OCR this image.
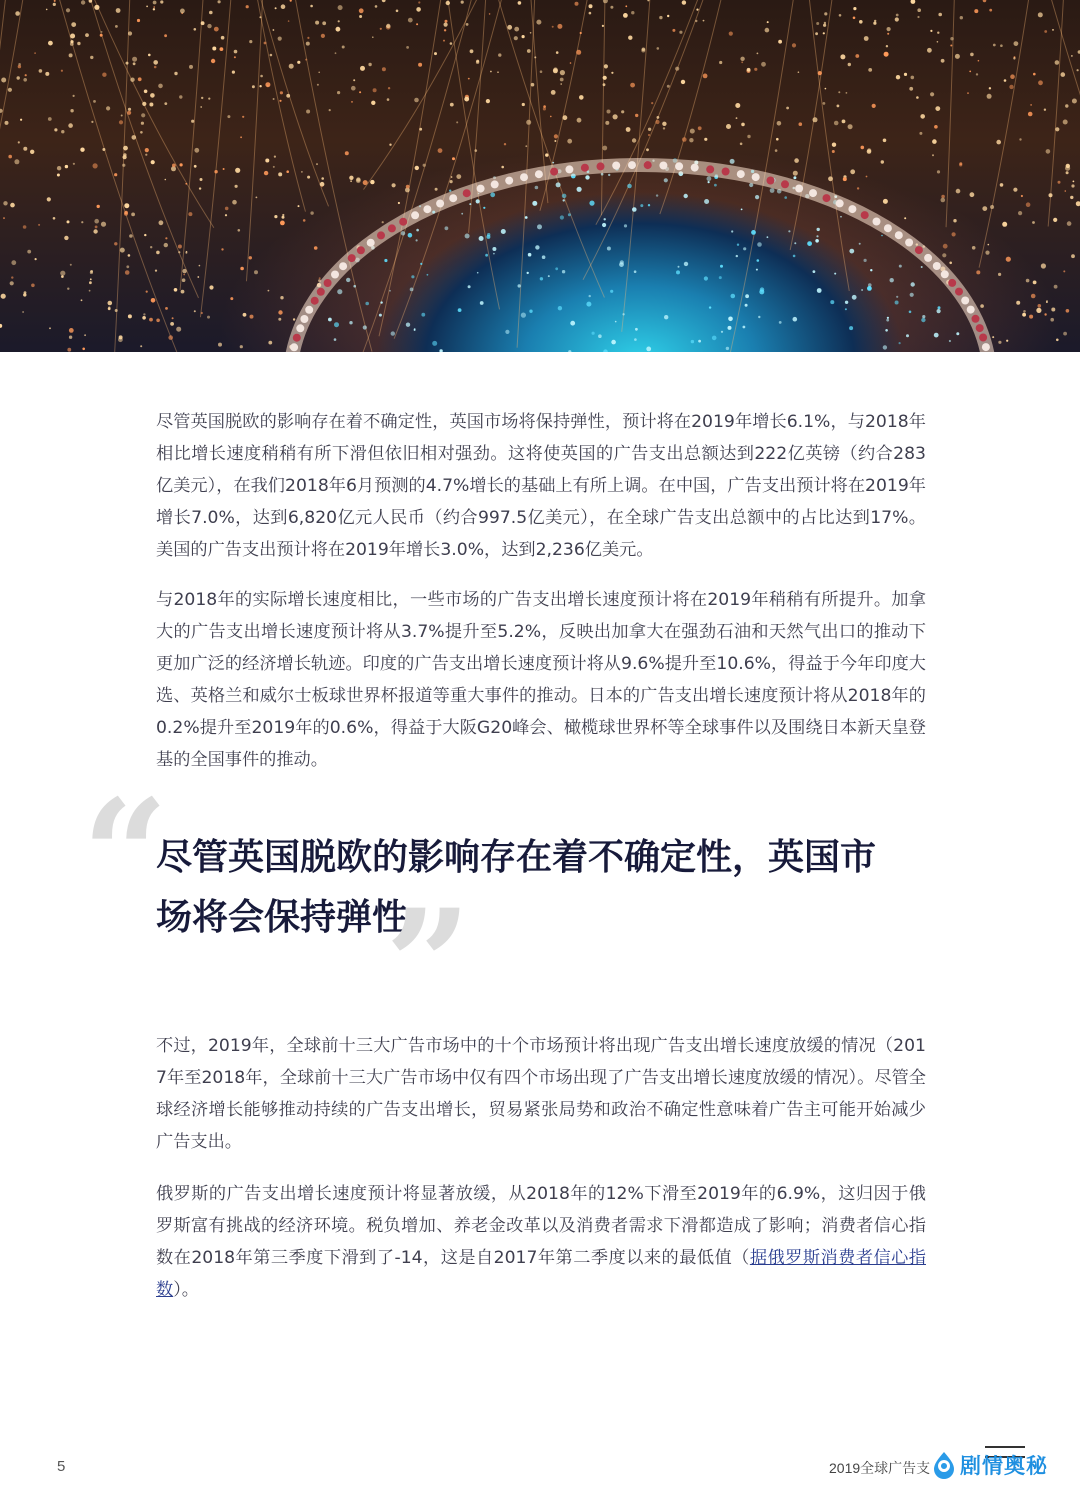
尽管英国脱欧的影响存在着不确定性，英国市场将保持弹性，预计将在2019年增长6.1%，与2018年相比增长速度稍稍有所下滑但依旧相对强劲。这将使英国的广告支出总额达到222亿英镑（约合283亿美元），在我们2018年6月预测的4.7%增长的基础上有所上调。在中国，广告支出预计将在2019年增长7.0%，达到6,820亿元人民币（约合997.5亿美元），在全球广告支出总额中的占比达到17%。美国的广告支出预计将在2019年增长3.0%，达到2,236亿美元。

与2018年的实际增长速度相比，一些市场的广告支出增长速度预计将在2019年稍稍有所提升。加拿大的广告支出增长速度预计将从3.7%提升至5.2%，反映出加拿大在强劲石油和天然气出口的推动下更加广泛的经济增长轨迹。印度的广告支出增长速度预计将从9.6%提升至10.6%，得益于今年印度大选、英格兰和威尔士板球世界杯报道等重大事件的推动。日本的广告支出增长速度预计将从2018年的0.2%提升至2019年的0.6%，得益于大阪G20峰会、橄榄球世界杯等全球事件以及围绕日本新天皇登基的全国事件的推动。

“

尽管英国脱欧的影响存在着不确定性，英国市场将会保持弹性

”

不过，2019年，全球前十三大广告市场中的十个市场预计将出现广告支出增长速度放缓的情况（2017年至2018年，全球前十三大广告市场中仅有四个市场出现了广告支出增长速度放缓的情况）。尽管全球经济增长能够推动持续的广告支出增长，贸易紧张局势和政治不确定性意味着广告主可能开始减少广告支出。

俄罗斯的广告支出增长速度预计将显著放缓，从2018年的12%下滑至2019年的6.9%，这归因于俄罗斯富有挑战的经济环境。税负增加、养老金改革以及消费者需求下滑都造成了影响；消费者信心指数在2018年第三季度下滑到了-14，这是自2017年第二季度以来的最低值（据俄罗斯消费者信心指数）。

5	2019全球广告支 剧情奥秘
